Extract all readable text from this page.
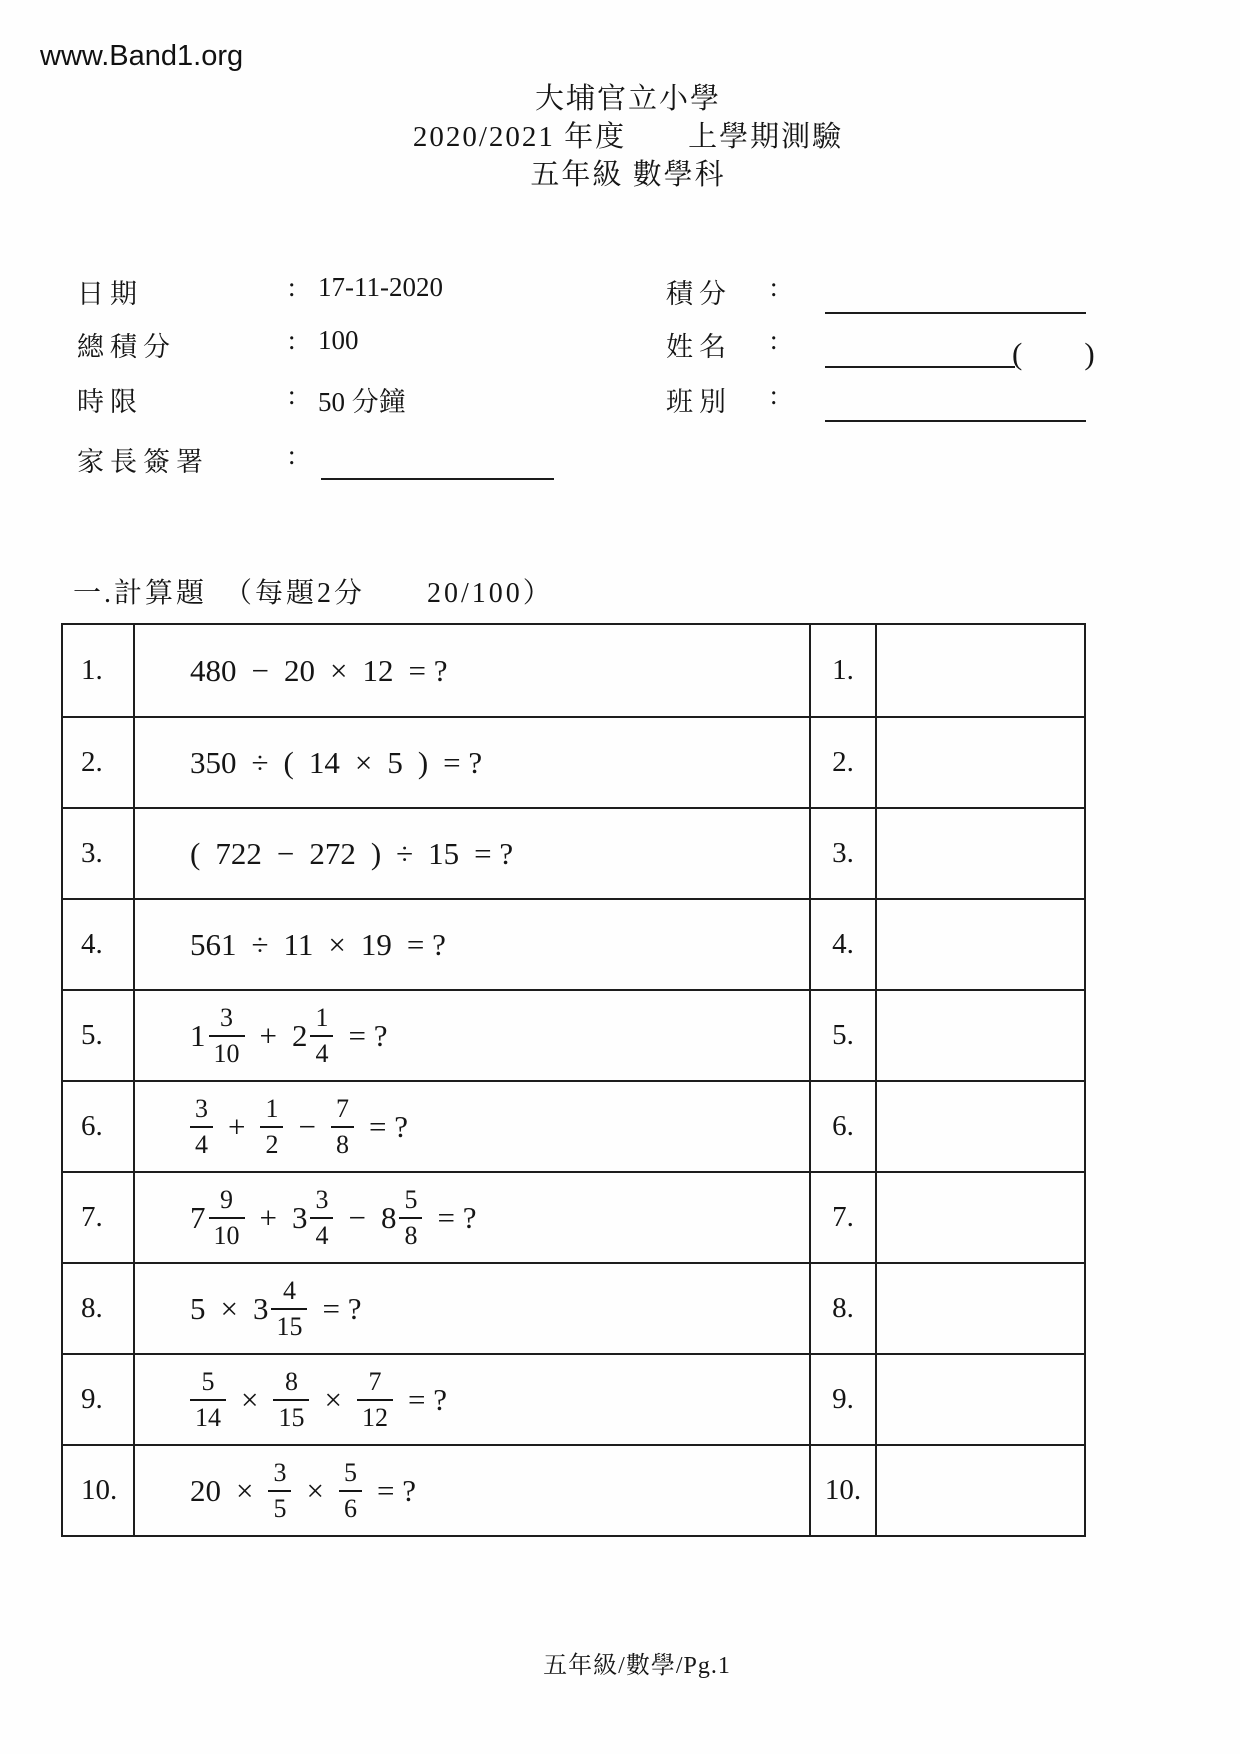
www.Band1.org
大埔官立小學
2020/2021 年度　　上學期測驗
五年級 數學科
日期	: 17-11-2020
總積分	: 100
時限	: 50 分鐘
家長簽署	:
積分 :
姓名 :	(　　)
班別 :
一.計算題　（每題2分　　20/100）
1.	480 − 20 × 12 = ?	1.
2.	350 ÷ ( 14 × 5 ) = ?	2.
3.	( 722 − 272 ) ÷ 15 = ?	3.
4.	561 ÷ 11 × 19 = ?	4.
5.	$1 \frac{3}{10} + 2 \frac{1}{4}$ = ?	5.
6.	$\frac{3}{4} + \frac{1}{2} - \frac{7}{8}$ = ?	6.
7.	$7 \frac{9}{10} + 3 \frac{3}{4} - 8 \frac{5}{8}$ = ?	7.
8.	$5 \times 3 \frac{4}{15}$ = ?	8.
9.	$\frac{5}{14} \times \frac{8}{15} \times \frac{7}{12}$ = ?	9.
10.	$20 \times \frac{3}{5} \times \frac{5}{6}$ = ?	10.
五年級/數學/Pg.1
